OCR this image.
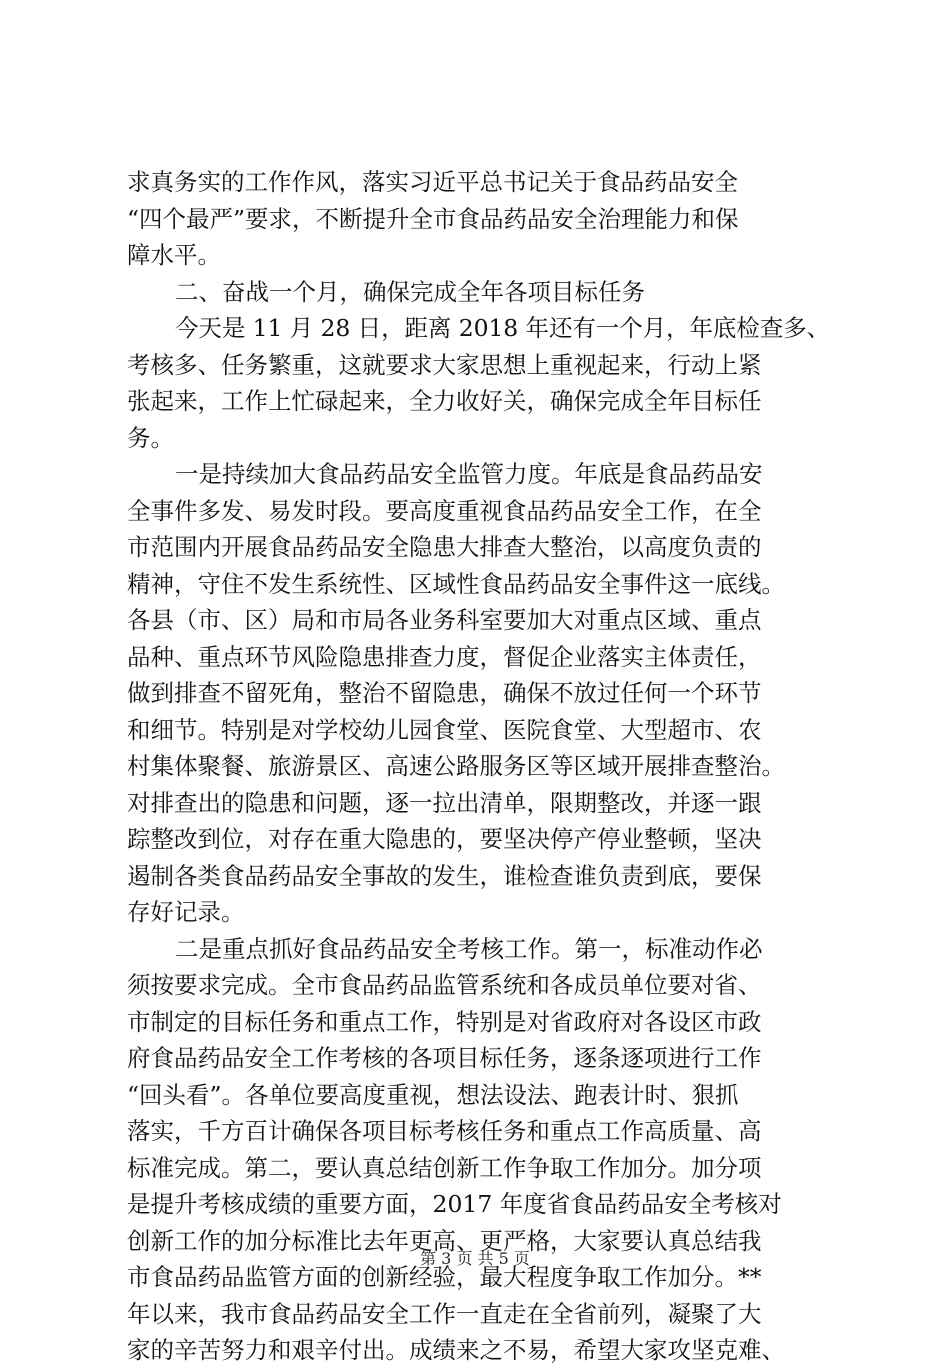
求真务实的工作作风，落实习近平总书记关于食品药品安全
“四个最严”要求，不断提升全市食品药品安全治理能力和保
障水平。
二、奋战一个月，确保完成全年各项目标任务
今天是 11 月 28 日，距离 2018 年还有一个月，年底检查多、
考核多、任务繁重，这就要求大家思想上重视起来，行动上紧
张起来，工作上忙碌起来，全力收好关，确保完成全年目标任
务。
一是持续加大食品药品安全监管力度。年底是食品药品安
全事件多发、易发时段。要高度重视食品药品安全工作，在全
市范围内开展食品药品安全隐患大排查大整治，以高度负责的
精神，守住不发生系统性、区域性食品药品安全事件这一底线。
各县（市、区）局和市局各业务科室要加大对重点区域、重点
品种、重点环节风险隐患排查力度，督促企业落实主体责任，
做到排查不留死角，整治不留隐患，确保不放过任何一个环节
和细节。特别是对学校幼儿园食堂、医院食堂、大型超市、农
村集体聚餐、旅游景区、高速公路服务区等区域开展排查整治。
对排查出的隐患和问题，逐一拉出清单，限期整改，并逐一跟
踪整改到位，对存在重大隐患的，要坚决停产停业整顿，坚决
遏制各类食品药品安全事故的发生，谁检查谁负责到底，要保
存好记录。
二是重点抓好食品药品安全考核工作。第一，标准动作必
须按要求完成。全市食品药品监管系统和各成员单位要对省、
市制定的目标任务和重点工作，特别是对省政府对各设区市政
府食品药品安全工作考核的各项目标任务，逐条逐项进行工作
“回头看”。各单位要高度重视，想法设法、跑表计时、狠抓
落实，千方百计确保各项目标考核任务和重点工作高质量、高
标准完成。第二，要认真总结创新工作争取工作加分。加分项
是提升考核成绩的重要方面，2017 年度省食品药品安全考核对
创新工作的加分标准比去年更高、更严格，大家要认真总结我
市食品药品监管方面的创新经验，最大程度争取工作加分。**
年以来，我市食品药品安全工作一直走在全省前列，凝聚了大
家的辛苦努力和艰辛付出。成绩来之不易，希望大家攻坚克难、
第 3 页 共 5 页
